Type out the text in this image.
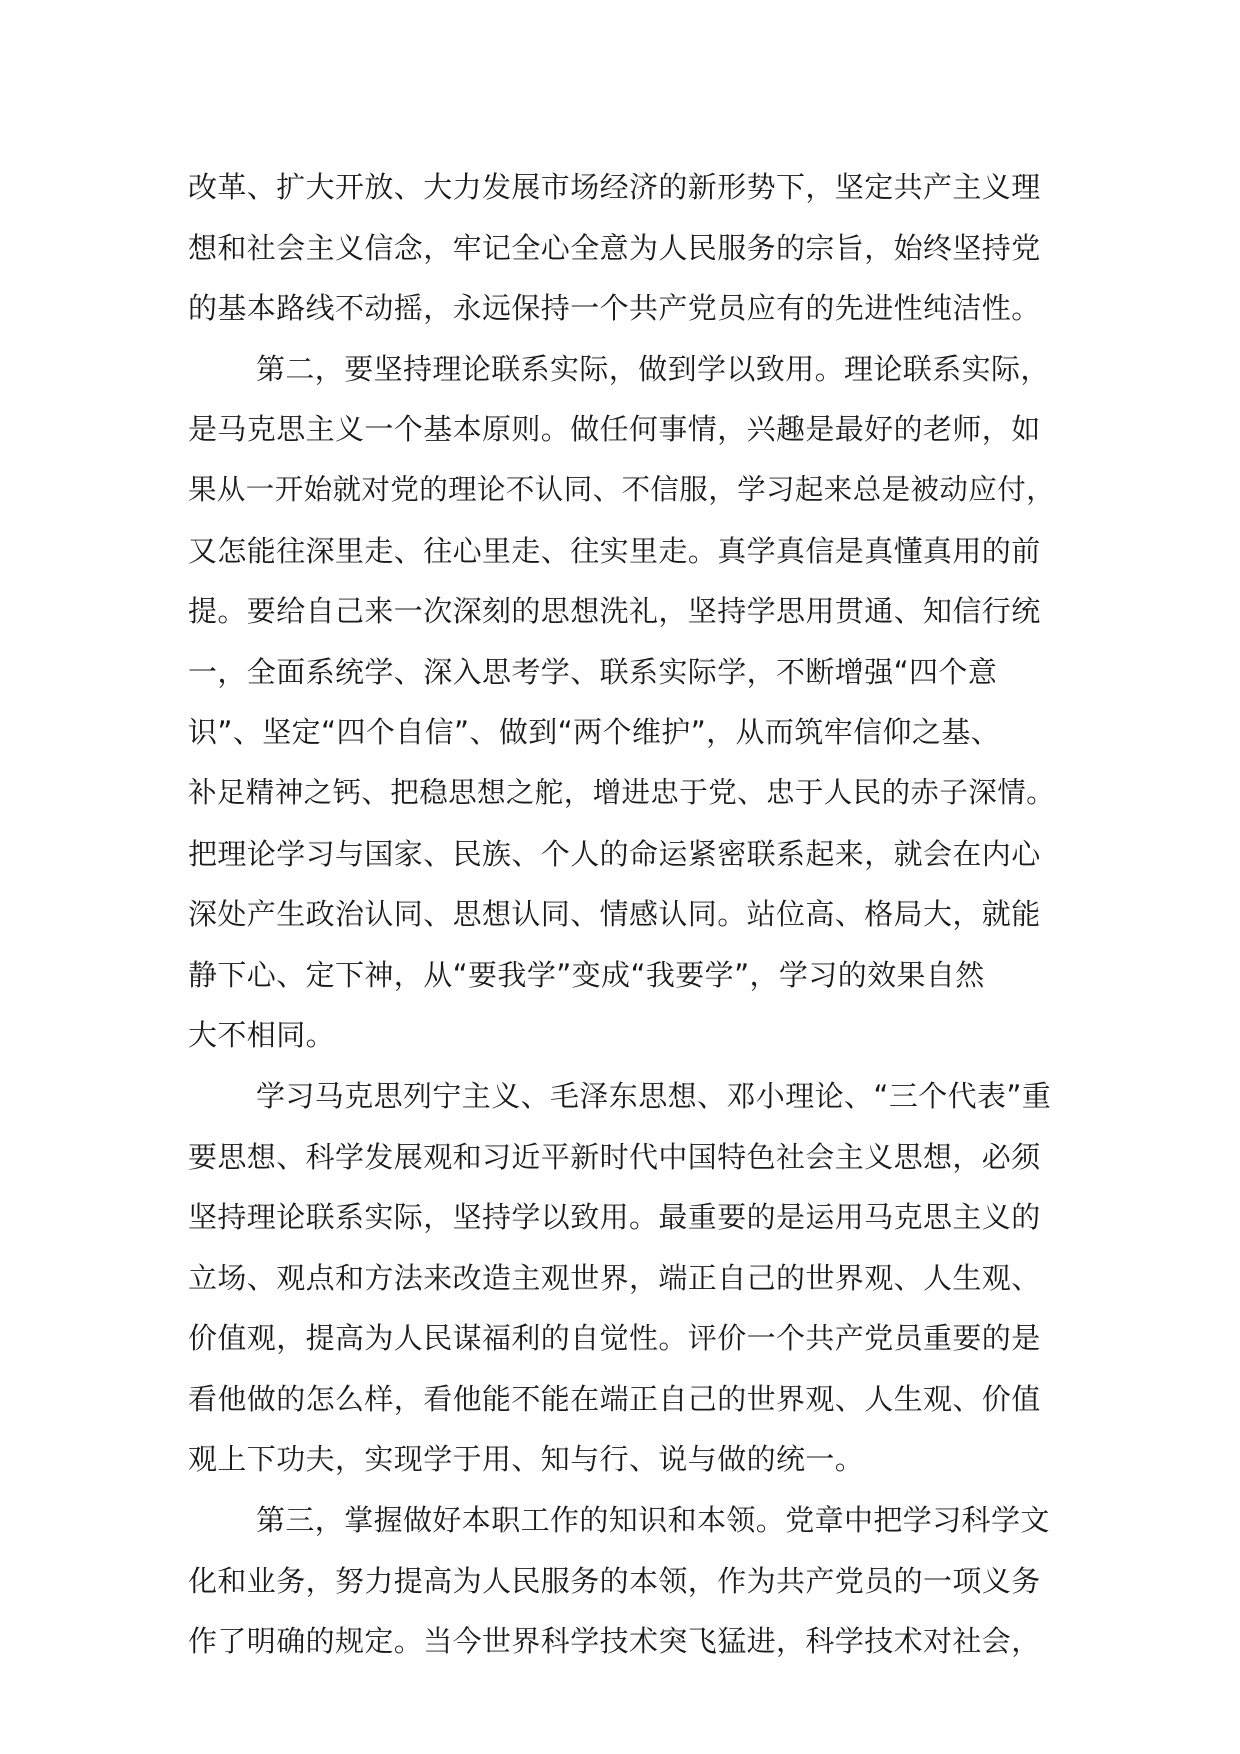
改革、扩大开放、大力发展市场经济的新形势下，坚定共产主义理
想和社会主义信念，牢记全心全意为人民服务的宗旨，始终坚持党
的基本路线不动摇，永远保持一个共产党员应有的先进性纯洁性。
第二，要坚持理论联系实际，做到学以致用。理论联系实际，
是马克思主义一个基本原则。做任何事情，兴趣是最好的老师，如
果从一开始就对党的理论不认同、不信服，学习起来总是被动应付，
又怎能往深里走、往心里走、往实里走。真学真信是真懂真用的前
提。要给自己来一次深刻的思想洗礼，坚持学思用贯通、知信行统
一，全面系统学、深入思考学、联系实际学，不断增强“四个意
识”、坚定“四个自信”、做到“两个维护”，从而筑牢信仰之基、
补足精神之钙、把稳思想之舵，增进忠于党、忠于人民的赤子深情。
把理论学习与国家、民族、个人的命运紧密联系起来，就会在内心
深处产生政治认同、思想认同、情感认同。站位高、格局大，就能
静下心、定下神，从“要我学”变成“我要学”，学习的效果自然
大不相同。
学习马克思列宁主义、毛泽东思想、邓小理论、“三个代表”重
要思想、科学发展观和习近平新时代中国特色社会主义思想，必须
坚持理论联系实际，坚持学以致用。最重要的是运用马克思主义的
立场、观点和方法来改造主观世界，端正自己的世界观、人生观、
价值观，提高为人民谋福利的自觉性。评价一个共产党员重要的是
看他做的怎么样，看他能不能在端正自己的世界观、人生观、价值
观上下功夫，实现学于用、知与行、说与做的统一。
第三，掌握做好本职工作的知识和本领。党章中把学习科学文
化和业务，努力提高为人民服务的本领，作为共产党员的一项义务
作了明确的规定。当今世界科学技术突飞猛进，科学技术对社会，
